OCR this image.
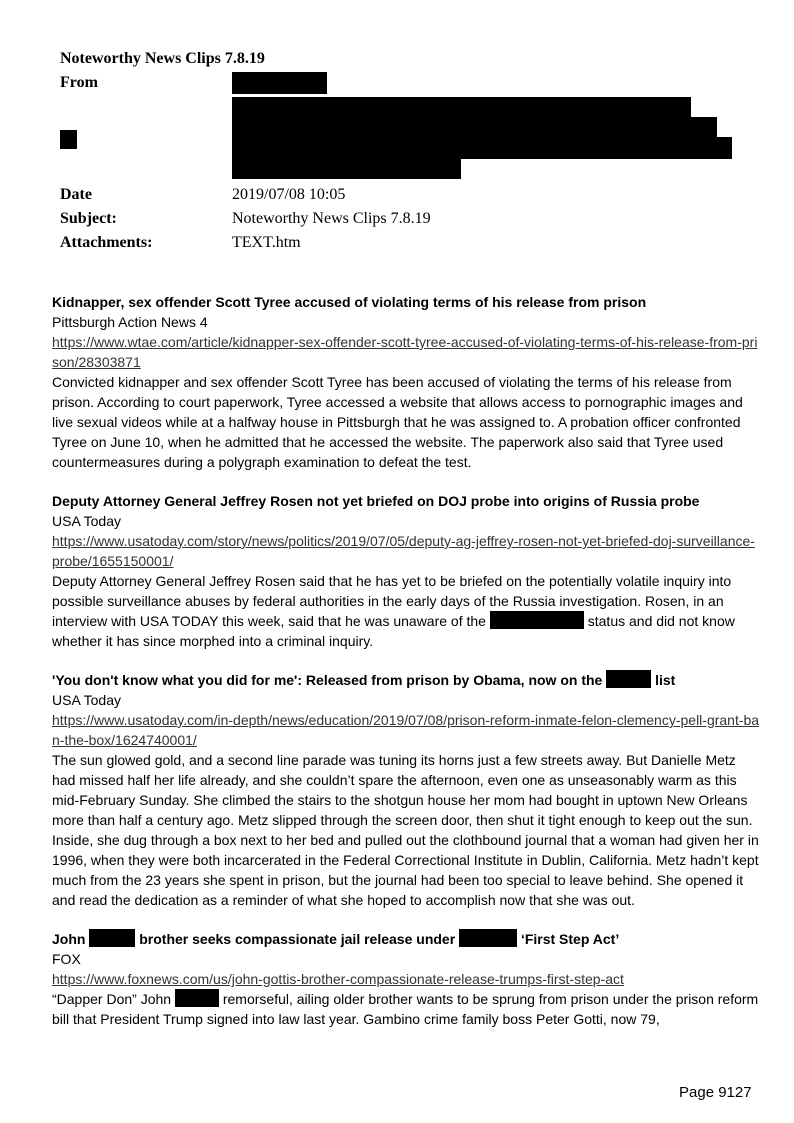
Noteworthy News Clips 7.8.19
From
Date	2019/07/08 10:05
Subject:	Noteworthy News Clips 7.8.19
Attachments:	TEXT.htm
Kidnapper, sex offender Scott Tyree accused of violating terms of his release from prison
Pittsburgh Action News 4
https://www.wtae.com/article/kidnapper-sex-offender-scott-tyree-accused-of-violating-terms-of-his-release-from-prison/28303871
Convicted kidnapper and sex offender Scott Tyree has been accused of violating the terms of his release from prison. According to court paperwork, Tyree accessed a website that allows access to pornographic images and live sexual videos while at a halfway house in Pittsburgh that he was assigned to. A probation officer confronted Tyree on June 10, when he admitted that he accessed the website. The paperwork also said that Tyree used countermeasures during a polygraph examination to defeat the test.
Deputy Attorney General Jeffrey Rosen not yet briefed on DOJ probe into origins of Russia probe
USA Today
https://www.usatoday.com/story/news/politics/2019/07/05/deputy-ag-jeffrey-rosen-not-yet-briefed-doj-surveillance-probe/1655150001/
Deputy Attorney General Jeffrey Rosen said that he has yet to be briefed on the potentially volatile inquiry into possible surveillance abuses by federal authorities in the early days of the Russia investigation. Rosen, in an interview with USA TODAY this week, said that he was unaware of the	status and did not know whether it has since morphed into a criminal inquiry.
'You don't know what you did for me': Released from prison by Obama, now on the	list
USA Today
https://www.usatoday.com/in-depth/news/education/2019/07/08/prison-reform-inmate-felon-clemency-pell-grant-ban-the-box/1624740001/
The sun glowed gold, and a second line parade was tuning its horns just a few streets away. But Danielle Metz had missed half her life already, and she couldn’t spare the afternoon, even one as unseasonably warm as this mid-February Sunday. She climbed the stairs to the shotgun house her mom had bought in uptown New Orleans more than half a century ago. Metz slipped through the screen door, then shut it tight enough to keep out the sun. Inside, she dug through a box next to her bed and pulled out the clothbound journal that a woman had given her in 1996, when they were both incarcerated in the Federal Correctional Institute in Dublin, California. Metz hadn’t kept much from the 23 years she spent in prison, but the journal had been too special to leave behind. She opened it and read the dedication as a reminder of what she hoped to accomplish now that she was out.
John	brother seeks compassionate jail release under	‘First Step Act’
FOX
https://www.foxnews.com/us/john-gottis-brother-compassionate-release-trumps-first-step-act
“Dapper Don” John	remorseful, ailing older brother wants to be sprung from prison under the prison reform bill that President Trump signed into law last year. Gambino crime family boss Peter Gotti, now 79,
Page 9127
